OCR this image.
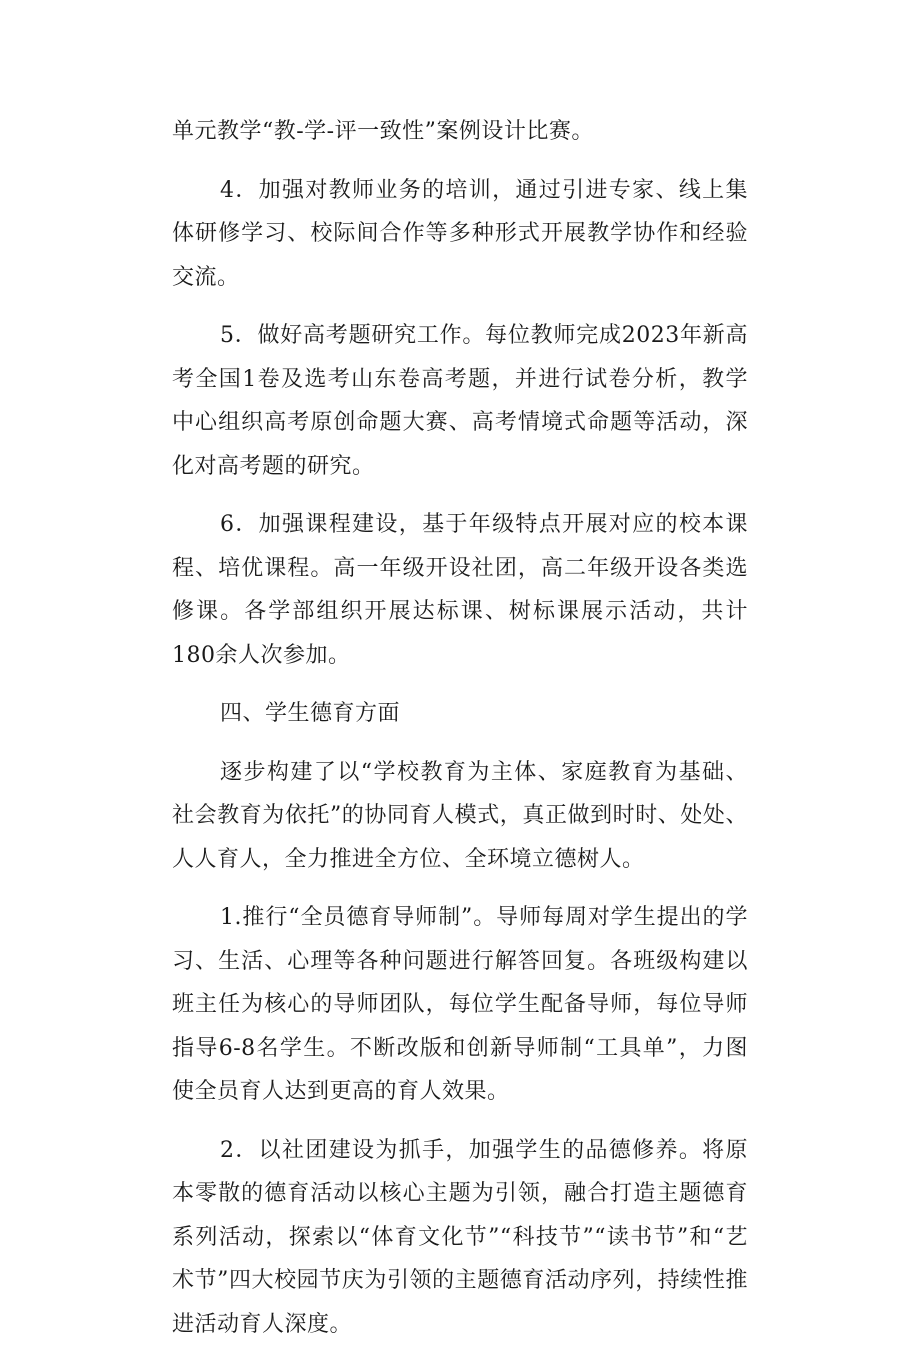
单元教学“教-学-评一致性”案例设计比赛。

4．加强对教师业务的培训，通过引进专家、线上集体研修学习、校际间合作等多种形式开展教学协作和经验交流。

5．做好高考题研究工作。每位教师完成2023年新高考全国1卷及选考山东卷高考题，并进行试卷分析，教学中心组织高考原创命题大赛、高考情境式命题等活动，深化对高考题的研究。

6．加强课程建设，基于年级特点开展对应的校本课程、培优课程。高一年级开设社团，高二年级开设各类选修课。各学部组织开展达标课、树标课展示活动，共计180余人次参加。

四、学生德育方面

逐步构建了以“学校教育为主体、家庭教育为基础、社会教育为依托”的协同育人模式，真正做到时时、处处、人人育人，全力推进全方位、全环境立德树人。

1.推行“全员德育导师制”。导师每周对学生提出的学习、生活、心理等各种问题进行解答回复。各班级构建以班主任为核心的导师团队，每位学生配备导师，每位导师指导6-8名学生。不断改版和创新导师制“工具单”，力图使全员育人达到更高的育人效果。

2．以社团建设为抓手，加强学生的品德修养。将原本零散的德育活动以核心主题为引领，融合打造主题德育系列活动，探索以“体育文化节”“科技节”“读书节”和“艺术节”四大校园节庆为引领的主题德育活动序列，持续性推进活动育人深度。
